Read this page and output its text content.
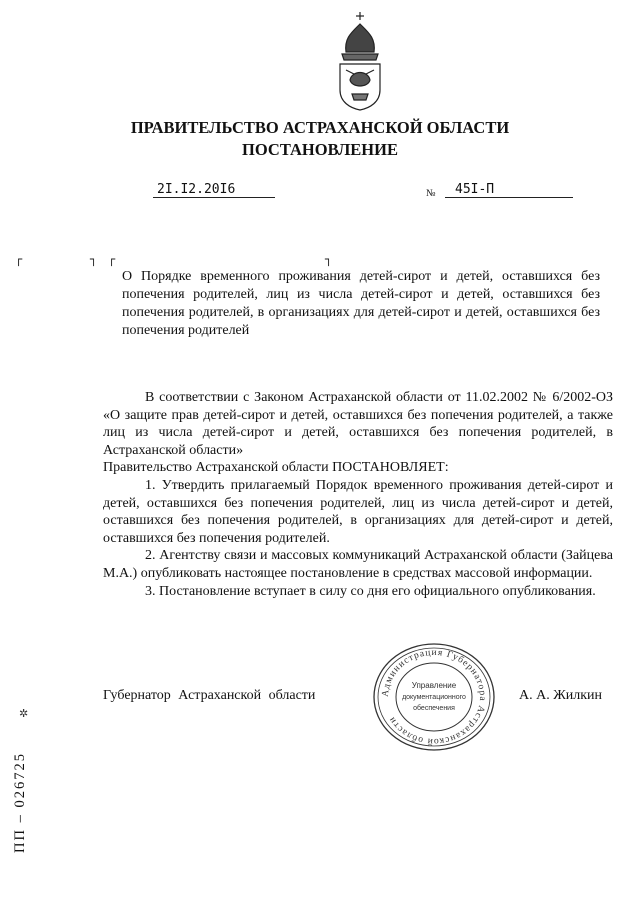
ПРАВИТЕЛЬСТВО АСТРАХАНСКОЙ ОБЛАСТИ
ПОСТАНОВЛЕНИЕ
2I.I2.20I6	№	45I-П
┌	┐ ┌	┐
О Порядке временного проживания детей-сирот и детей, оставшихся без попечения родителей, лиц из числа детей-сирот и детей, оставшихся без попечения родителей, в организациях для детей-сирот и детей, оставшихся без попечения родителей

В соответствии с Законом Астраханской области от 11.02.2002 № 6/2002-ОЗ «О защите прав детей-сирот и детей, оставшихся без попечения родителей, а также лиц из числа детей-сирот и детей, оставшихся без попечения родителей, в Астраханской области»

Правительство Астраханской области ПОСТАНОВЛЯЕТ:

1. Утвердить прилагаемый Порядок временного проживания детей-сирот и детей, оставшихся без попечения родителей, лиц из числа детей-сирот и детей, оставшихся без попечения родителей, в организациях для детей-сирот и детей, оставшихся без попечения родителей.

2. Агентству связи и массовых коммуникаций Астраханской области (Зайцева М.А.) опубликовать настоящее постановление в средствах массовой информации.

3. Постановление вступает в силу со дня его официального опубликования.

Губернатор Астраханской области	А. А. Жилкин
Администрация Губернатора Астраханской области
Управление
документационного
обеспечения
✲
ПП – 026725
